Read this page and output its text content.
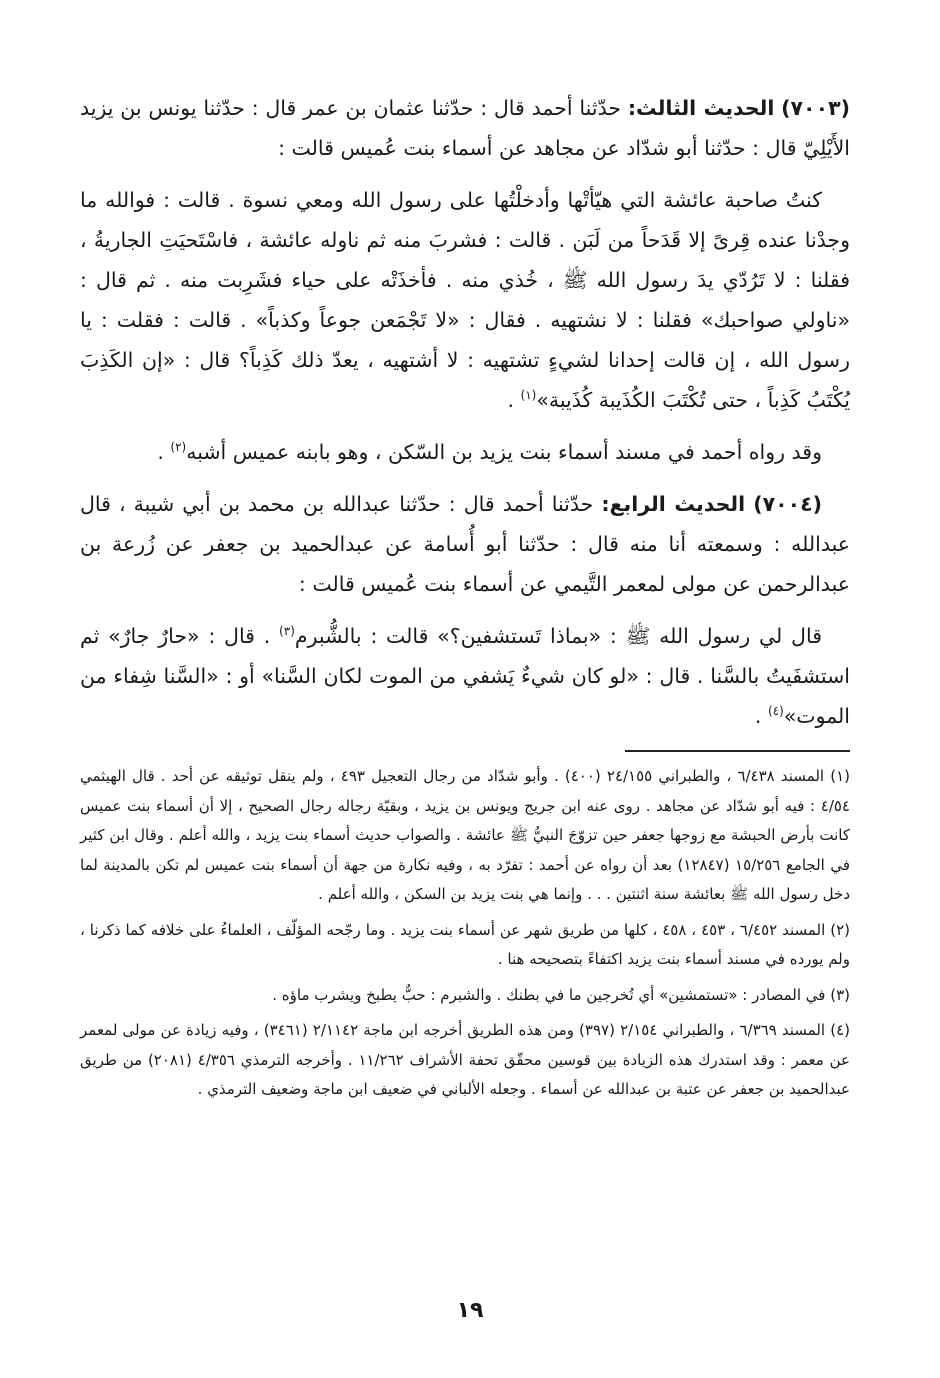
(٧٠٠٣) الحديث الثالث: حدّثنا أحمد قال : حدّثنا عثمان بن عمر قال : حدّثنا يونس بن يزيد الأَيْلِيّ قال : حدّثنا أبو شدّاد عن مجاهد عن أسماء بنت عُميس قالت :

كنتُ صاحبة عائشة التي هيّأتْها وأدخلْتُها على رسول الله ومعي نسوة . قالت : فوالله ما وجدْنا عنده قِرىً إلا قَدَحاً من لَبَن . قالت : فشربَ منه ثم ناوله عائشة ، فاسْتَحيَتِ الجاريةُ ، فقلنا : لا تَرُدّي يدَ رسول الله ﷺ ، خُذي منه . فأخذَتْه على حياء فشَرِبت منه . ثم قال : «ناولي صواحبك» فقلنا : لا نشتهيه . فقال : «لا تَجْمَعن جوعاً وكذباً» . قالت : فقلت : يا رسول الله ، إن قالت إحدانا لشيءٍ تشتهيه : لا أشتهيه ، يعدّ ذلك كَذِباً؟ قال : «إن الكَذِبَ يُكْتَبُ كَذِباً ، حتى تُكْتَبَ الكُذَيبة كُذَيبة»$^{(١)}$ .

وقد رواه أحمد في مسند أسماء بنت يزيد بن السّكن ، وهو بابنه عميس أشبه$^{(٢)}$ .

(٧٠٠٤) الحديث الرابع: حدّثنا أحمد قال : حدّثنا عبدالله بن محمد بن أبي شيبة ، قال عبدالله : وسمعته أنا منه قال : حدّثنا أبو أُسامة عن عبدالحميد بن جعفر عن زُرعة بن عبدالرحمن عن مولى لمعمر التَّيمي عن أسماء بنت عُميس قالت :

قال لي رسول الله ﷺ : «بماذا تَستشفين؟» قالت : بالشُّبرم$^{(٣)}$ . قال : «حارٌ جارٌ» ثم استشفَيتُ بالسَّنا . قال : «لو كان شيءٌ يَشفي من الموت لكان السَّنا» أو : «السَّنا شِفاء من الموت»$^{(٤)}$ .

(١) المسند ٦/٤٣٨ ، والطبراني ٢٤/١٥٥ (٤٠٠) . وأبو شدّاد من رجال التعجيل ٤٩٣ ، ولم ينقل توثيقه عن أحد . قال الهيثمي ٤/٥٤ : فيه أبو شدّاد عن مجاهد . روى عنه ابن جريج ويونس بن يزيد ، وبقيّة رجاله رجال الصحيح ، إلا أن أسماء بنت عميس كانت بأرض الحبشة مع زوجها جعفر حين تزوّجَ النبيُّ ﷺ عائشة . والصواب حديث أسماء بنت يزيد ، والله أعلم . وقال ابن كثير في الجامع ١٥/٢٥٦ (١٢٨٤٧) بعد أن رواه عن أحمد : تفرّد به ، وفيه نكارة من جهة أن أسماء بنت عميس لم تكن بالمدينة لما دخل رسول الله ﷺ بعائشة سنة اثنتين . . . وإنما هي بنت يزيد بن السكن ، والله أعلم .

(٢) المسند ٦/٤٥٢ ، ٤٥٣ ، ٤٥٨ ، كلها من طريق شهر عن أسماء بنت يزيد . وما رجّحه المؤلّف ، العلماءُ على خلافه كما ذكرنا ، ولم يورده في مسند أسماء بنت يزيد اكتفاءً بتصحيحه هنا .

(٣) في المصادر : «تستمشين» أي تُخرجين ما في بطنك . والشبرم : حبٌّ يطبخ ويشرب ماؤه .

(٤) المسند ٦/٣٦٩ ، والطبراني ٢/١٥٤ (٣٩٧) ومن هذه الطريق أخرجه ابن ماجة ٢/١١٤٢ (٣٤٦١) ، وفيه زيادة عن مولى لمعمر عن معمر : وقد استدرك هذه الزيادة بين قوسين محقّق تحفة الأشراف ١١/٢٦٢ . وأخرجه الترمذي ٤/٣٥٦ (٢٠٨١) من طريق عبدالحميد بن جعفر عن عتبة بن عبدالله عن أسماء . وجعله الألباني في ضعيف ابن ماجة وضعيف الترمذي .

١٩
